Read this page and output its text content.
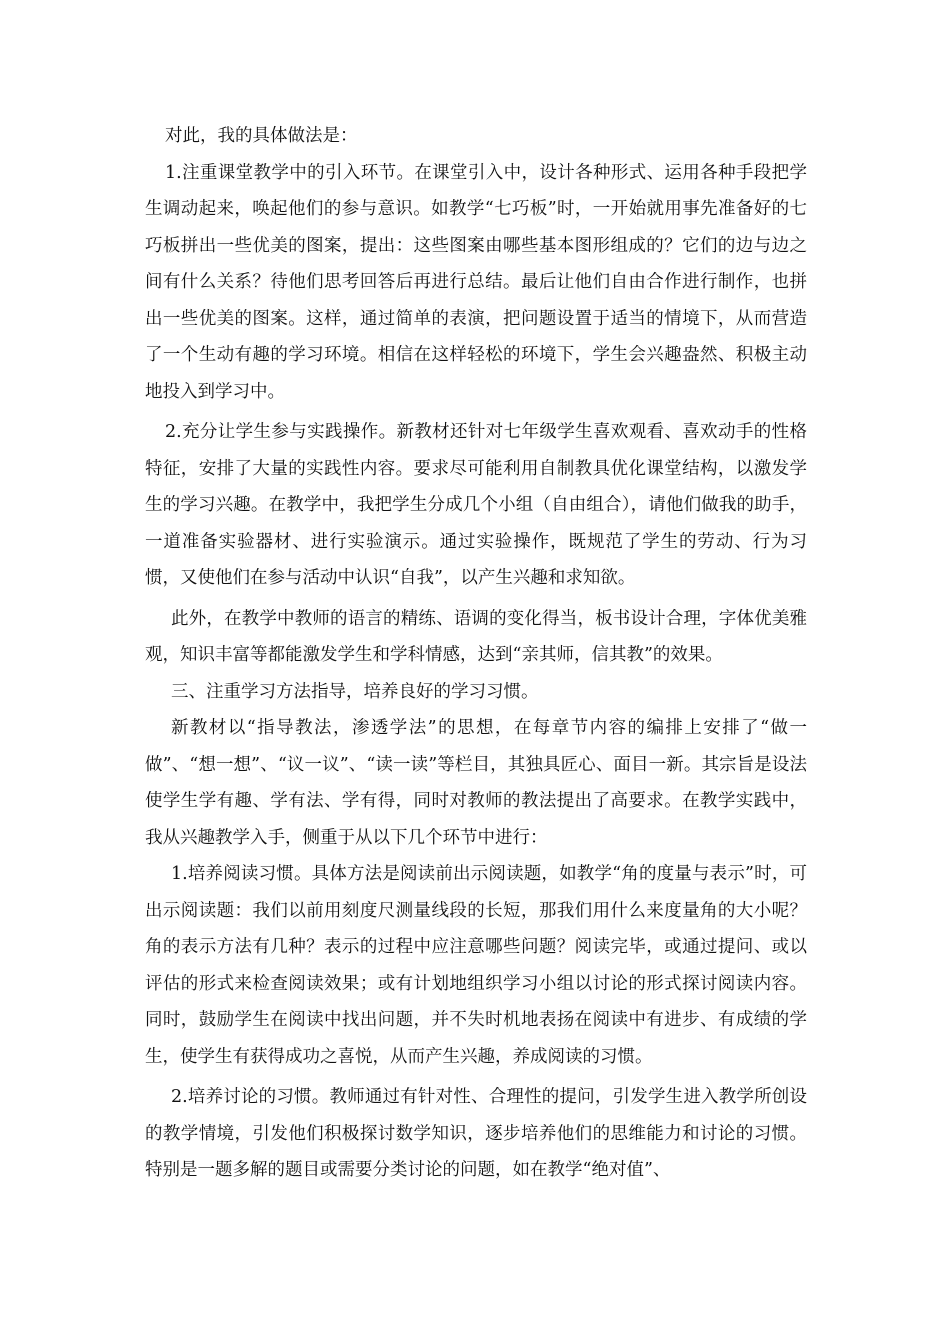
对此，我的具体做法是：

1.注重课堂教学中的引入环节。在课堂引入中，设计各种形式、运用各种手段把学生调动起来，唤起他们的参与意识。如教学“七巧板”时，一开始就用事先准备好的七巧板拼出一些优美的图案，提出：这些图案由哪些基本图形组成的？它们的边与边之间有什么关系？待他们思考回答后再进行总结。最后让他们自由合作进行制作，也拼出一些优美的图案。这样，通过简单的表演，把问题设置于适当的情境下，从而营造了一个生动有趣的学习环境。相信在这样轻松的环境下，学生会兴趣盎然、积极主动地投入到学习中。

2.充分让学生参与实践操作。新教材还针对七年级学生喜欢观看、喜欢动手的性格特征，安排了大量的实践性内容。要求尽可能利用自制教具优化课堂结构，以激发学生的学习兴趣。在教学中，我把学生分成几个小组（自由组合），请他们做我的助手，一道准备实验器材、进行实验演示。通过实验操作，既规范了学生的劳动、行为习惯，又使他们在参与活动中认识“自我”，以产生兴趣和求知欲。

此外，在教学中教师的语言的精练、语调的变化得当，板书设计合理，字体优美雅观，知识丰富等都能激发学生和学科情感，达到“亲其师，信其教”的效果。

三、注重学习方法指导，培养良好的学习习惯。

新教材以“指导教法，渗透学法”的思想，在每章节内容的编排上安排了“做一做”、“想一想”、“议一议”、“读一读”等栏目，其独具匠心、面目一新。其宗旨是设法使学生学有趣、学有法、学有得，同时对教师的教法提出了高要求。在教学实践中，我从兴趣教学入手，侧重于从以下几个环节中进行：

1.培养阅读习惯。具体方法是阅读前出示阅读题，如教学“角的度量与表示”时，可出示阅读题：我们以前用刻度尺测量线段的长短，那我们用什么来度量角的大小呢？ 角的表示方法有几种？表示的过程中应注意哪些问题？阅读完毕，或通过提问、或以评估的形式来检查阅读效果；或有计划地组织学习小组以讨论的形式探讨阅读内容。同时，鼓励学生在阅读中找出问题，并不失时机地表扬在阅读中有进步、有成绩的学生，使学生有获得成功之喜悦，从而产生兴趣，养成阅读的习惯。

2.培养讨论的习惯。教师通过有针对性、合理性的提问，引发学生进入教学所创设的教学情境，引发他们积极探讨数学知识，逐步培养他们的思维能力和讨论的习惯。特别是一题多解的题目或需要分类讨论的问题，如在教学“绝对值”、
